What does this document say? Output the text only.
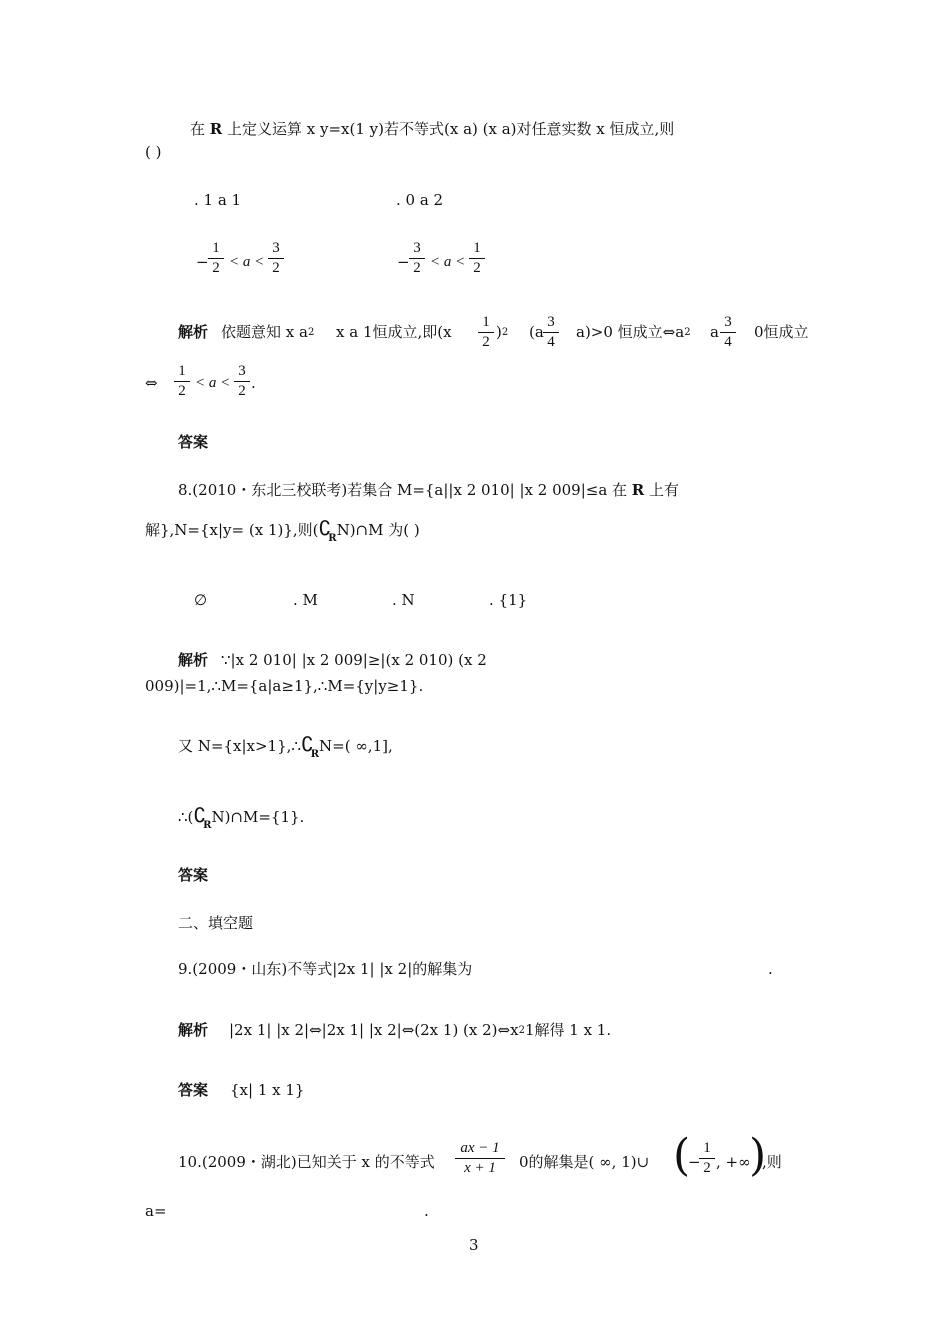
在 R 上定义运算 x y=x(1 y)若不等式(x a) (x a)对任意实数 x 恒成立,则
( )
. 1 a 1	. 0 a 2
−
1
2 < a <
3
2	−
3
2 < a <
1
2
解析 依题意知 x a2 x a 1恒成立,即(x
1
2
)2 (a
3
4
a)>0 恒成立⇔a2 a
3
4
0恒成立
⇔
1
2 < a <
3
2 .
答案
8.(2010・东北三校联考)若集合 M={a||x 2 010| |x 2 009|≤a 在 R 上有
解},N={x|y= (x 1)},则$(∁_RN)\cap M$ 为( )
∅	. M	. N	. {1}
解析 ∵|x 2 010| |x 2 009|≥|(x 2 010) (x 2
009)|=1,∴M={a|a≥1},∴M={y|y≥1}.
又 $N=\{x|x>1\},\therefore∁_RN=$( ∞,1],
$\therefore(∁_RN)\cap M=\{1\}$.
答案
二、填空题
9.(2009・山东)不等式|2x 1| |x 2|的解集为	.
解析 |2x 1| |x 2|⇔|2x 1| |x 2|⇔(2x 1) (x 2)⇔x21解得 1 x 1.
答案 {x| 1 x 1}
10.(2009・湖北)已知关于 x 的不等式
ax − 1
x + 1	0的解集是( ∞, 1)∪ (
−
1
2 , +∞
)
,则
a=	.
3
